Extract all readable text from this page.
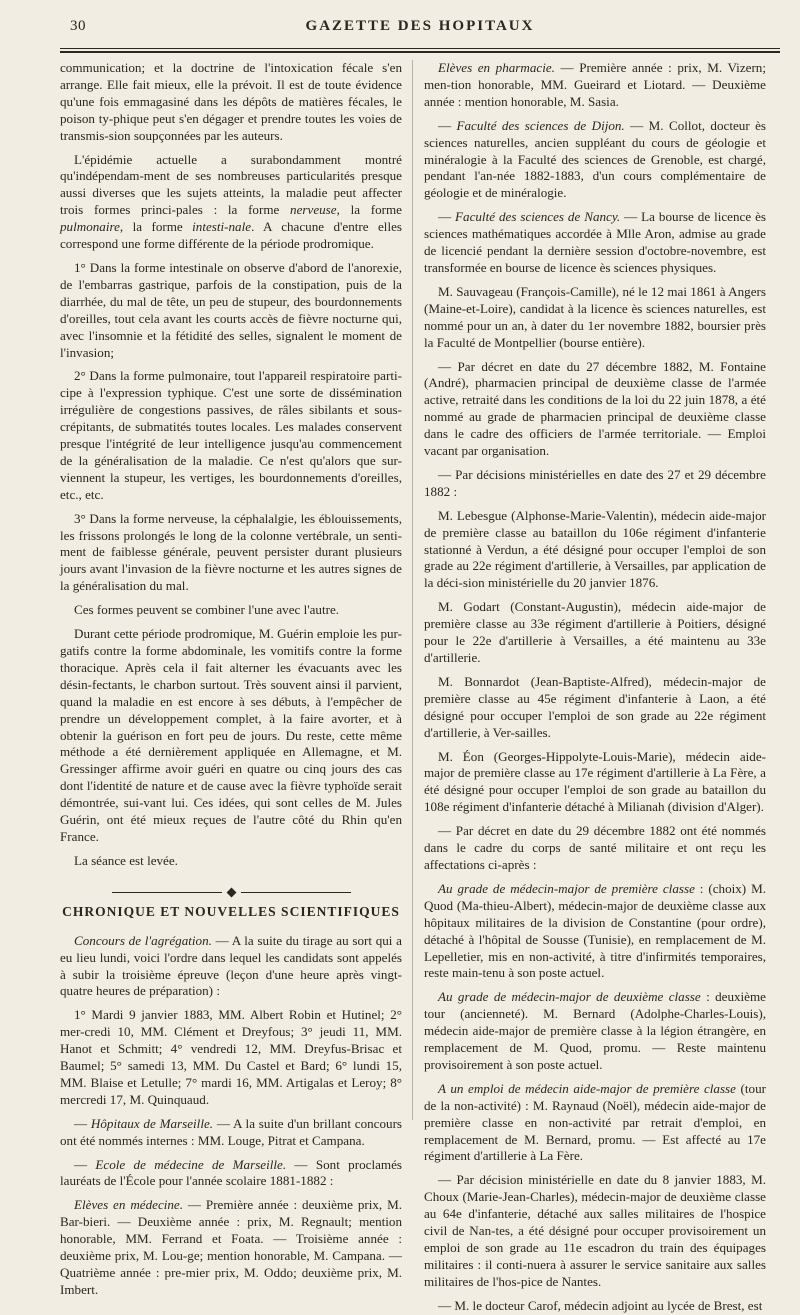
30	GAZETTE DES HOPITAUX

communication; et la doctrine de l'intoxication fécale s'en arrange. Elle fait mieux, elle la prévoit. Il est de toute évidence qu'une fois emmagasiné dans les dépôts de matières fécales, le poison ty-phique peut s'en dégager et prendre toutes les voies de transmis-sion soupçonnées par les auteurs.

L'épidémie actuelle a surabondamment montré qu'indépendam-ment de ses nombreuses particularités presque aussi diverses que les sujets atteints, la maladie peut affecter trois formes princi-pales : la forme nerveuse, la forme pulmonaire, la forme intesti-nale. A chacune d'entre elles correspond une forme différente de la période prodromique.

1° Dans la forme intestinale on observe d'abord de l'anorexie, de l'embarras gastrique, parfois de la constipation, puis de la diarrhée, du mal de tête, un peu de stupeur, des bourdonnements d'oreilles, tout cela avant les courts accès de fièvre nocturne qui, avec l'insomnie et la fétidité des selles, signalent le moment de l'invasion;

2° Dans la forme pulmonaire, tout l'appareil respiratoire parti-cipe à l'expression typhique. C'est une sorte de dissémination irrégulière de congestions passives, de râles sibilants et sous-crépitants, de submatités toutes locales. Les malades conservent presque l'intégrité de leur intelligence jusqu'au commencement de la généralisation de la maladie. Ce n'est qu'alors que sur-viennent la stupeur, les vertiges, les bourdonnements d'oreilles, etc., etc.

3° Dans la forme nerveuse, la céphalalgie, les éblouissements, les frissons prolongés le long de la colonne vertébrale, un senti-ment de faiblesse générale, peuvent persister durant plusieurs jours avant l'invasion de la fièvre nocturne et les autres signes de la généralisation du mal.

Ces formes peuvent se combiner l'une avec l'autre.

Durant cette période prodromique, M. Guérin emploie les pur-gatifs contre la forme abdominale, les vomitifs contre la forme thoracique. Après cela il fait alterner les évacuants avec les désin-fectants, le charbon surtout. Très souvent ainsi il parvient, quand la maladie en est encore à ses débuts, à l'empêcher de prendre un développement complet, à la faire avorter, et à obtenir la guérison en fort peu de jours. Du reste, cette même méthode a été dernièrement appliquée en Allemagne, et M. Gressinger affirme avoir guéri en quatre ou cinq jours des cas dont l'identité de nature et de cause avec la fièvre typhoïde serait démontrée, sui-vant lui. Ces idées, qui sont celles de M. Jules Guérin, ont été mieux reçues de l'autre côté du Rhin qu'en France.

La séance est levée.

CHRONIQUE ET NOUVELLES SCIENTIFIQUES

Concours de l'agrégation. — A la suite du tirage au sort qui a eu lieu lundi, voici l'ordre dans lequel les candidats sont appelés à subir la troisième épreuve (leçon d'une heure après vingt-quatre heures de préparation) :

1° Mardi 9 janvier 1883, MM. Albert Robin et Hutinel; 2° mer-credi 10, MM. Clément et Dreyfous; 3° jeudi 11, MM. Hanot et Schmitt; 4° vendredi 12, MM. Dreyfus-Brisac et Baumel; 5° samedi 13, MM. Du Castel et Bard; 6° lundi 15, MM. Blaise et Letulle; 7° mardi 16, MM. Artigalas et Leroy; 8° mercredi 17, M. Quinquaud.

— Hôpitaux de Marseille. — A la suite d'un brillant concours ont été nommés internes : MM. Louge, Pitrat et Campana.

— Ecole de médecine de Marseille. — Sont proclamés lauréats de l'École pour l'année scolaire 1881-1882 :

Elèves en médecine. — Première année : deuxième prix, M. Bar-bieri. — Deuxième année : prix, M. Regnault; mention honorable, MM. Ferrand et Foata. — Troisième année : deuxième prix, M. Lou-ge; mention honorable, M. Campana. — Quatrième année : pre-mier prix, M. Oddo; deuxième prix, M. Imbert.

Elèves en pharmacie. — Première année : prix, M. Vizern; men-tion honorable, MM. Gueirard et Liotard. — Deuxième année : mention honorable, M. Sasia.

— Faculté des sciences de Dijon. — M. Collot, docteur ès sciences naturelles, ancien suppléant du cours de géologie et minéralogie à la Faculté des sciences de Grenoble, est chargé, pendant l'an-née 1882-1883, d'un cours complémentaire de géologie et de minéralogie.

— Faculté des sciences de Nancy. — La bourse de licence ès sciences mathématiques accordée à Mlle Aron, admise au grade de licencié pendant la dernière session d'octobre-novembre, est transformée en bourse de licence ès sciences physiques.

M. Sauvageau (François-Camille), né le 12 mai 1861 à Angers (Maine-et-Loire), candidat à la licence ès sciences naturelles, est nommé pour un an, à dater du 1er novembre 1882, boursier près la Faculté de Montpellier (bourse entière).

— Par décret en date du 27 décembre 1882, M. Fontaine (André), pharmacien principal de deuxième classe de l'armée active, retraité dans les conditions de la loi du 22 juin 1878, a été nommé au grade de pharmacien principal de deuxième classe dans le cadre des officiers de l'armée territoriale. — Emploi vacant par organisation.

— Par décisions ministérielles en date des 27 et 29 décembre 1882 :

M. Lebesgue (Alphonse-Marie-Valentin), médecin aide-major de première classe au bataillon du 106e régiment d'infanterie stationné à Verdun, a été désigné pour occuper l'emploi de son grade au 22e régiment d'artillerie, à Versailles, par application de la déci-sion ministérielle du 20 janvier 1876.

M. Godart (Constant-Augustin), médecin aide-major de première classe au 33e régiment d'artillerie à Poitiers, désigné pour le 22e d'artillerie à Versailles, a été maintenu au 33e d'artillerie.

M. Bonnardot (Jean-Baptiste-Alfred), médecin-major de première classe au 45e régiment d'infanterie à Laon, a été désigné pour occuper l'emploi de son grade au 22e régiment d'artillerie, à Ver-sailles.

M. Éon (Georges-Hippolyte-Louis-Marie), médecin aide-major de première classe au 17e régiment d'artillerie à La Fère, a été désigné pour occuper l'emploi de son grade au bataillon du 108e régiment d'infanterie détaché à Milianah (division d'Alger).

— Par décret en date du 29 décembre 1882 ont été nommés dans le cadre du corps de santé militaire et ont reçu les affectations ci-après :

Au grade de médecin-major de première classe : (choix) M. Quod (Ma-thieu-Albert), médecin-major de deuxième classe aux hôpitaux militaires de la division de Constantine (pour ordre), détaché à l'hôpital de Sousse (Tunisie), en remplacement de M. Lepelletier, mis en non-activité, à titre d'infirmités temporaires, reste main-tenu à son poste actuel.

Au grade de médecin-major de deuxième classe : deuxième tour (ancienneté). M. Bernard (Adolphe-Charles-Louis), médecin aide-major de première classe à la légion étrangère, en remplacement de M. Quod, promu. — Reste maintenu provisoirement à son poste actuel.

A un emploi de médecin aide-major de première classe (tour de la non-activité) : M. Raynaud (Noël), médecin aide-major de première classe en non-activité par retrait d'emploi, en remplacement de M. Bernard, promu. — Est affecté au 17e régiment d'artillerie à La Fère.

— Par décision ministérielle en date du 8 janvier 1883, M. Choux (Marie-Jean-Charles), médecin-major de deuxième classe au 64e d'infanterie, détaché aux salles militaires de l'hospice civil de Nan-tes, a été désigné pour occuper provisoirement un emploi de son grade au 11e escadron du train des équipages militaires : il conti-nuera à assurer le service sanitaire aux salles militaires de l'hos-pice de Nantes.

— M. le docteur Carof, médecin adjoint au lycée de Brest, est
